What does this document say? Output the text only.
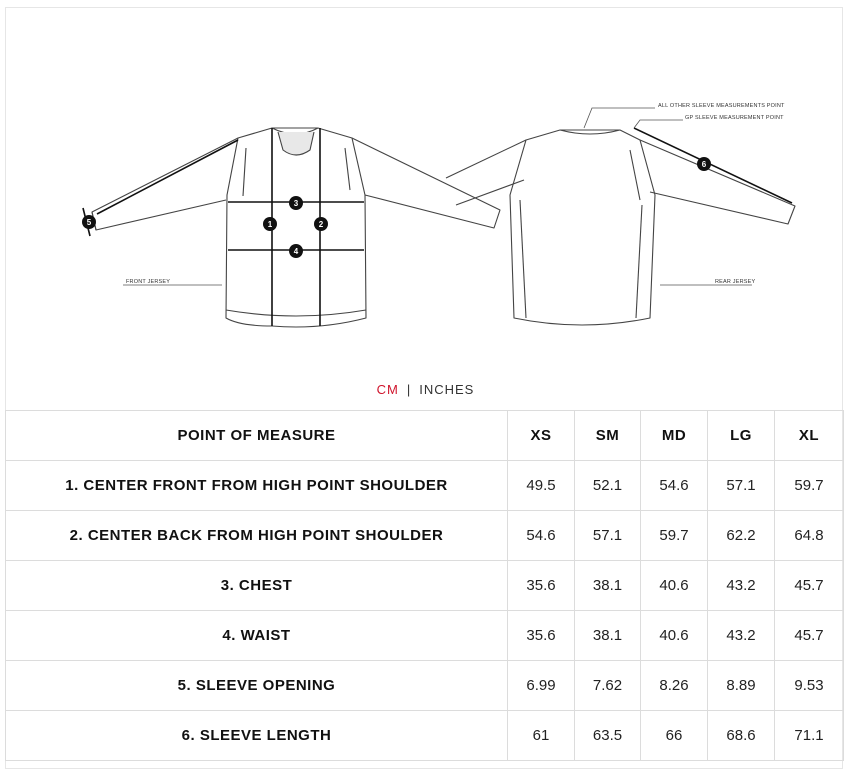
1	2
3
4
5
6
ALL OTHER SLEEVE MEASUREMENTS POINT
GP SLEEVE MEASUREMENT POINT
FRONT JERSEY	REAR JERSEY
CM | INCHES
POINT OF MEASURE	XS	SM	MD	LG	XL
1. CENTER FRONT FROM HIGH POINT SHOULDER	49.5	52.1	54.6	57.1	59.7
2. CENTER BACK FROM HIGH POINT SHOULDER	54.6	57.1	59.7	62.2	64.8
3. CHEST	35.6	38.1	40.6	43.2	45.7
4. WAIST	35.6	38.1	40.6	43.2	45.7
5. SLEEVE OPENING	6.99	7.62	8.26	8.89	9.53
6. SLEEVE LENGTH	61	63.5	66	68.6	71.1
